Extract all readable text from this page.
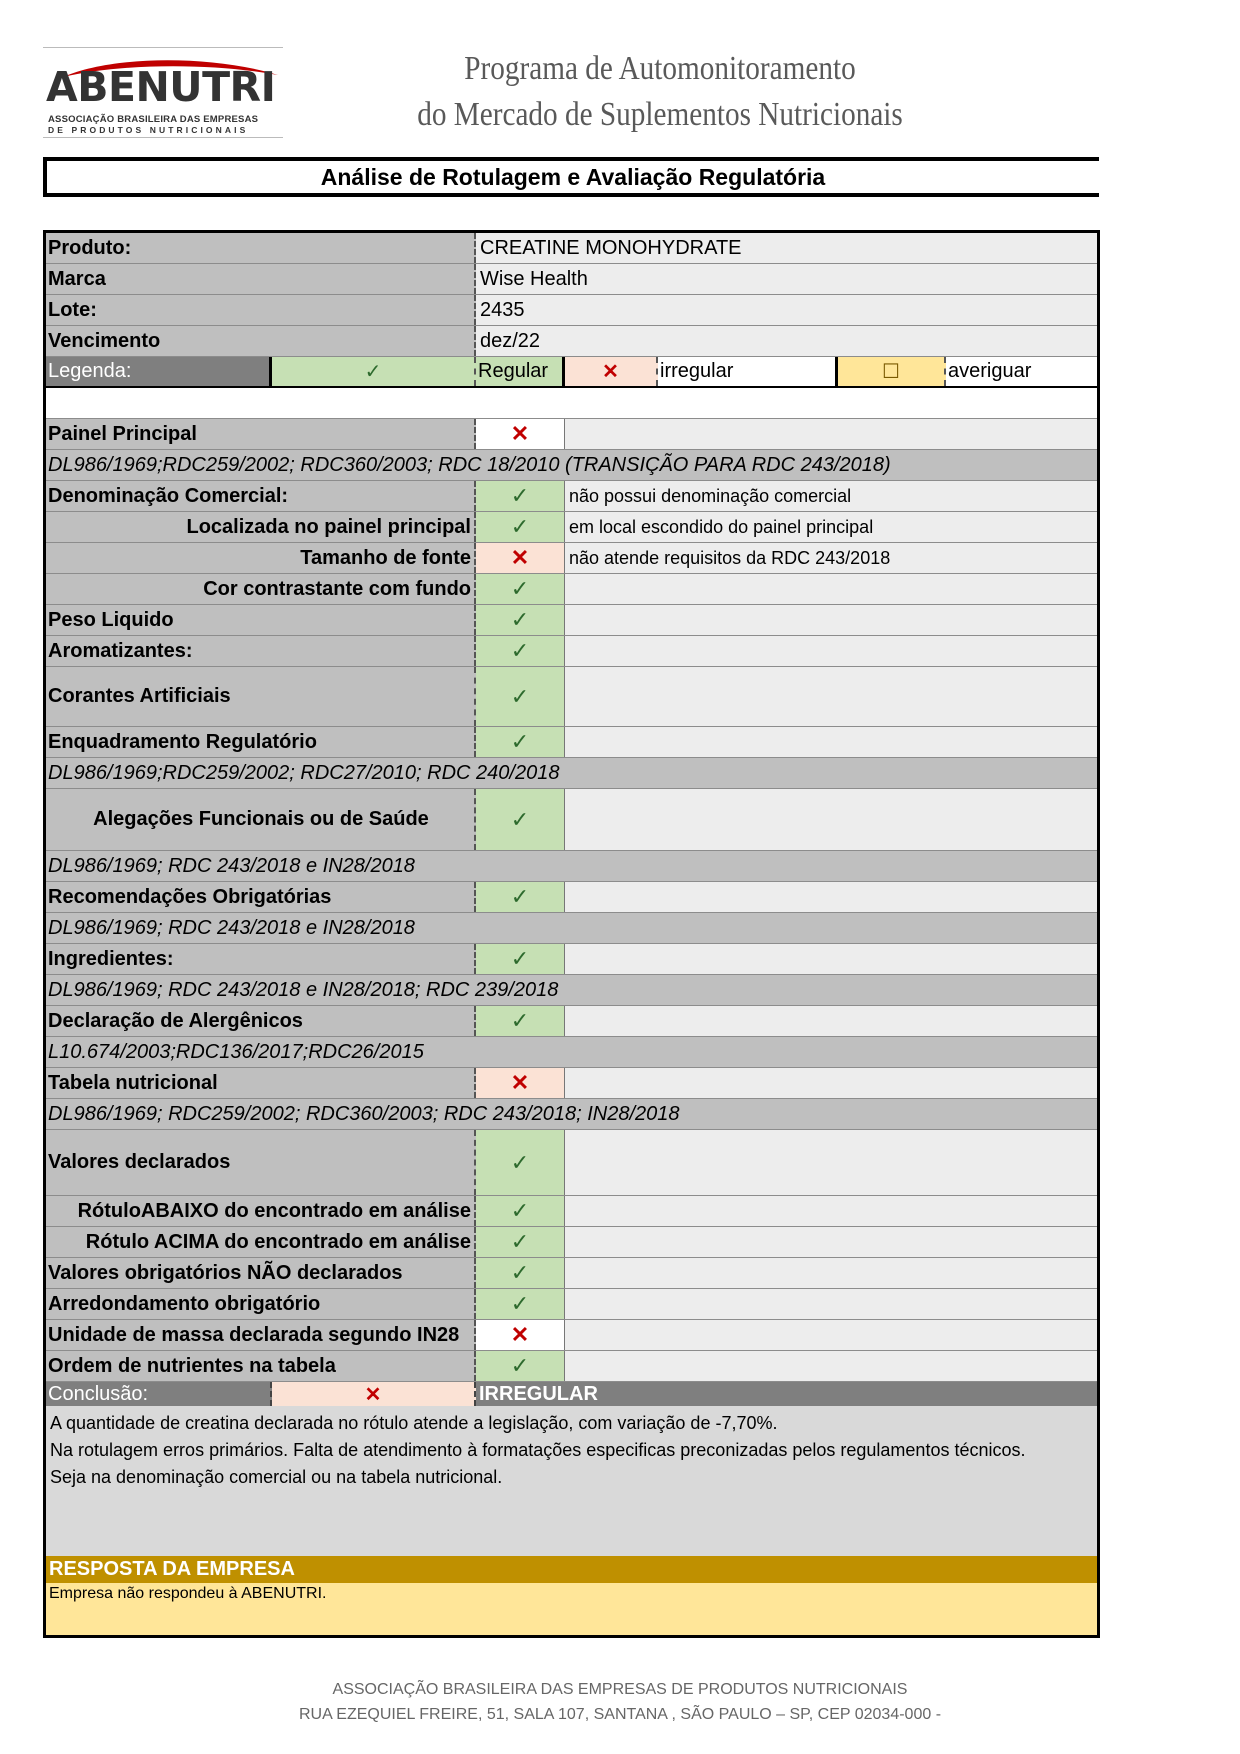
ABENUTRI
ASSOCIAÇÃO BRASILEIRA DAS EMPRESAS
DE PRODUTOS NUTRICIONAIS
Programa de Automonitoramento
do Mercado de Suplementos Nutricionais
Análise de Rotulagem e Avaliação Regulatória
Produto:	CREATINE MONOHYDRATE
Marca	Wise Health
Lote:	2435
Vencimento	dez/22
Legenda:	✓	Regular	✕	irregular	☐	averiguar
Painel Principal	✕
DL986/1969;RDC259/2002; RDC360/2003; RDC 18/2010 (TRANSIÇÃO PARA RDC 243/2018)
Denominação Comercial:	✓	não possui denominação comercial
Localizada no painel principal	✓	em local escondido do painel principal
Tamanho de fonte	✕	não atende requisitos da RDC 243/2018
Cor contrastante com fundo	✓
Peso Liquido	✓
Aromatizantes:	✓
Corantes Artificiais	✓
Enquadramento Regulatório	✓
DL986/1969;RDC259/2002; RDC27/2010; RDC 240/2018
Alegações Funcionais ou de Saúde	✓
DL986/1969; RDC 243/2018 e IN28/2018
Recomendações Obrigatórias	✓
DL986/1969; RDC 243/2018 e IN28/2018
Ingredientes:	✓
DL986/1969; RDC 243/2018 e IN28/2018; RDC 239/2018
Declaração de Alergênicos	✓
L10.674/2003;RDC136/2017;RDC26/2015
Tabela nutricional	✕
DL986/1969; RDC259/2002; RDC360/2003; RDC 243/2018; IN28/2018
Valores declarados	✓
RótuloABAIXO do encontrado em análise	✓
Rótulo ACIMA do encontrado em análise	✓
Valores obrigatórios NÃO declarados	✓
Arredondamento obrigatório	✓
Unidade de massa declarada segundo IN28	✕
Ordem de nutrientes na tabela	✓
Conclusão:	✕	IRREGULAR
A quantidade de creatina declarada no rótulo atende a legislação, com variação de -7,70%.
Na rotulagem erros primários. Falta de atendimento à formatações especificas preconizadas pelos regulamentos técnicos.
Seja na denominação comercial ou na tabela nutricional.
RESPOSTA DA EMPRESA
Empresa não respondeu à ABENUTRI.
ASSOCIAÇÃO BRASILEIRA DAS EMPRESAS DE PRODUTOS NUTRICIONAIS
RUA EZEQUIEL FREIRE, 51, SALA 107, SANTANA , SÃO PAULO – SP, CEP 02034-000 -
